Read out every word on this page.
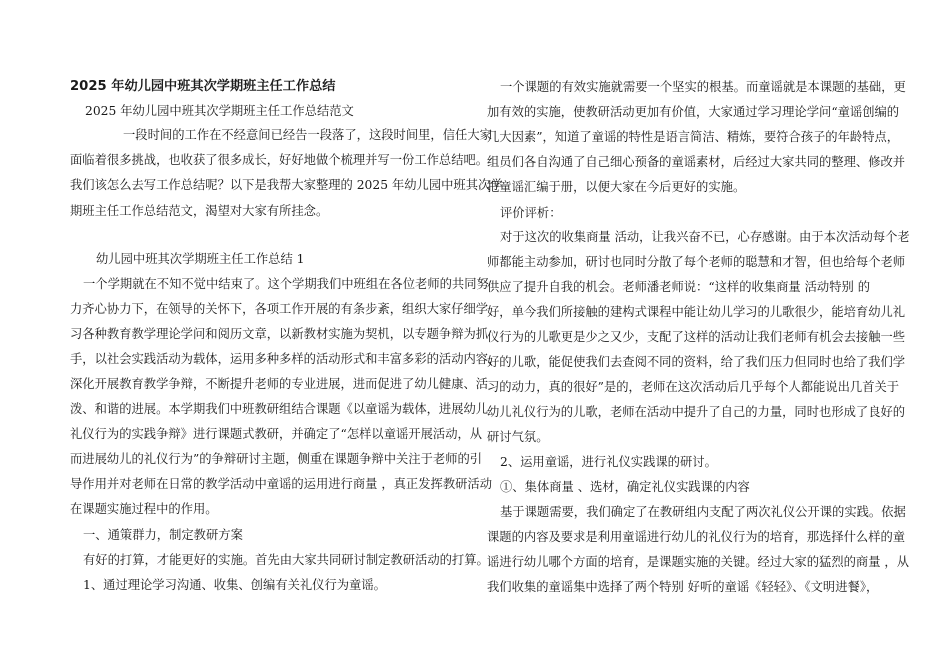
2025 年幼儿园中班其次学期班主任工作总结
2025 年幼儿园中班其次学期班主任工作总结范文
一段时间的工作在不经意间已经告一段落了，这段时间里，信任大家
面临着很多挑战，也收获了很多成长，好好地做个梳理并写一份工作总结吧。
我们该怎么去写工作总结呢？以下是我帮大家整理的 2025 年幼儿园中班其次学
期班主任工作总结范文，渴望对大家有所挂念。
幼儿园中班其次学期班主任工作总结 1
一个学期就在不知不觉中结束了。这个学期我们中班组在各位老师的共同努
力齐心协力下，在领导的关怀下，各项工作开展的有条步紊，组织大家仔细学
习各种教育教学理论学问和阅历文章，以新教材实施为契机，以专题争辩为抓
手，以社会实践活动为载体，运用多种多样的活动形式和丰富多彩的活动内容，
深化开展教育教学争辩，不断提升老师的专业进展，进而促进了幼儿健康、活
泼、和谐的进展。本学期我们中班教研组结合课题《以童谣为载体，进展幼儿
礼仪行为的实践争辩》进行课题式教研，并确定了“怎样以童谣开展活动，从
而进展幼儿的礼仪行为”的争辩研讨主题，侧重在课题争辩中关注于老师的引
导作用并对老师在日常的教学活动中童谣的运用进行商量 ，真正发挥教研活动
在课题实施过程中的作用。
一、通策群力，制定教研方案
有好的打算，才能更好的实施。首先由大家共同研讨制定教研活动的打算。
1、通过理论学习沟通、收集、创编有关礼仪行为童谣。
一个课题的有效实施就需要一个坚实的根基。而童谣就是本课题的基础，更
加有效的实施，使教研活动更加有价值，大家通过学习理论学问“童谣创编的
几大因素”，知道了童谣的特性是语言简洁、精炼，要符合孩子的年龄特点，
组员们各自沟通了自己细心预备的童谣素材，后经过大家共同的整理、修改并
把童谣汇编于册，以便大家在今后更好的实施。
评价评析：
对于这次的收集商量 活动，让我兴奋不已，心存感谢。由于本次活动每个老
师都能主动参加，研讨也同时分散了每个老师的聪慧和才智，但也给每个老师
供应了提升自我的机会。老师潘老师说：“这样的收集商量 活动特别 的
好，单今我们所接触的建构式课程中能让幼儿学习的儿歌很少，能培育幼儿礼
仪行为的儿歌更是少之又少，支配了这样的活动让我们老师有机会去接触一些
好的儿歌，能促使我们去查阅不同的资料，给了我们压力但同时也给了我们学
习的动力，真的很好”是的，老师在这次活动后几乎每个人都能说出几首关于
幼儿礼仪行为的儿歌，老师在活动中提升了自己的力量，同时也形成了良好的
研讨气氛。
2、运用童谣，进行礼仪实践课的研讨。
①、集体商量 、选材，确定礼仪实践课的内容
基于课题需要，我们确定了在教研组内支配了两次礼仪公开课的实践。依据
课题的内容及要求是利用童谣进行幼儿的礼仪行为的培育，那选择什么样的童
谣进行幼儿哪个方面的培育，是课题实施的关键。经过大家的猛烈的商量 ，从
我们收集的童谣集中选择了两个特别 好听的童谣《轻轻》、《文明进餐》，
